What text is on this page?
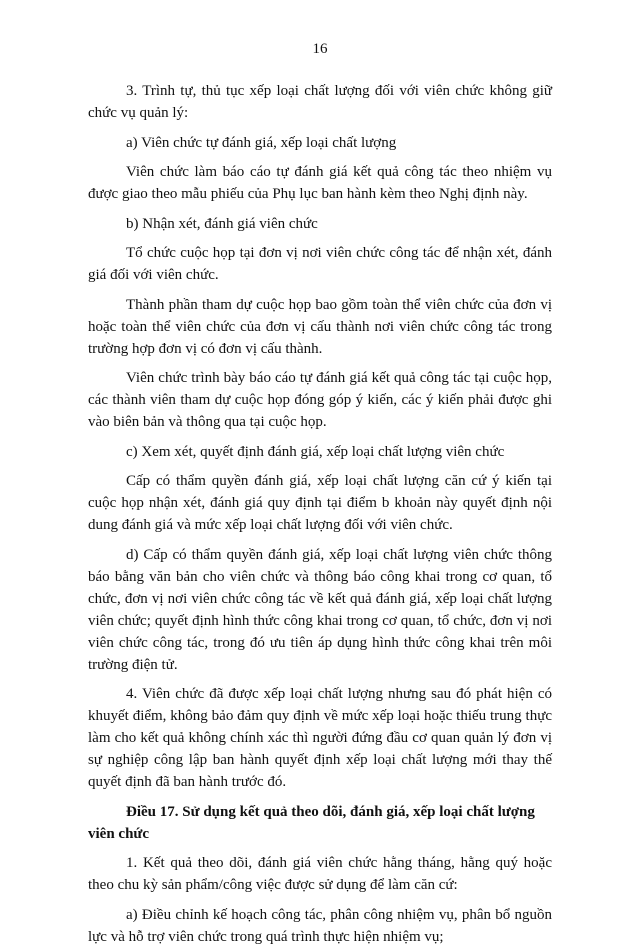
16

3. Trình tự, thủ tục xếp loại chất lượng đối với viên chức không giữ chức vụ quản lý:

a) Viên chức tự đánh giá, xếp loại chất lượng

Viên chức làm báo cáo tự đánh giá kết quả công tác theo nhiệm vụ được giao theo mẫu phiếu của Phụ lục ban hành kèm theo Nghị định này.

b) Nhận xét, đánh giá viên chức

Tổ chức cuộc họp tại đơn vị nơi viên chức công tác để nhận xét, đánh giá đối với viên chức.

Thành phần tham dự cuộc họp bao gồm toàn thể viên chức của đơn vị hoặc toàn thể viên chức của đơn vị cấu thành nơi viên chức công tác trong trường hợp đơn vị có đơn vị cấu thành.

Viên chức trình bày báo cáo tự đánh giá kết quả công tác tại cuộc họp, các thành viên tham dự cuộc họp đóng góp ý kiến, các ý kiến phải được ghi vào biên bản và thông qua tại cuộc họp.

c) Xem xét, quyết định đánh giá, xếp loại chất lượng viên chức

Cấp có thẩm quyền đánh giá, xếp loại chất lượng căn cứ ý kiến tại cuộc họp nhận xét, đánh giá quy định tại điểm b khoản này quyết định nội dung đánh giá và mức xếp loại chất lượng đối với viên chức.

d) Cấp có thẩm quyền đánh giá, xếp loại chất lượng viên chức thông báo bằng văn bản cho viên chức và thông báo công khai trong cơ quan, tổ chức, đơn vị nơi viên chức công tác về kết quả đánh giá, xếp loại chất lượng viên chức; quyết định hình thức công khai trong cơ quan, tổ chức, đơn vị nơi viên chức công tác, trong đó ưu tiên áp dụng hình thức công khai trên môi trường điện tử.

4. Viên chức đã được xếp loại chất lượng nhưng sau đó phát hiện có khuyết điểm, không bảo đảm quy định về mức xếp loại hoặc thiếu trung thực làm cho kết quả không chính xác thì người đứng đầu cơ quan quản lý đơn vị sự nghiệp công lập ban hành quyết định xếp loại chất lượng mới thay thế quyết định đã ban hành trước đó.

Điều 17. Sử dụng kết quả theo dõi, đánh giá, xếp loại chất lượng viên chức

1. Kết quả theo dõi, đánh giá viên chức hằng tháng, hằng quý hoặc theo chu kỳ sản phẩm/công việc được sử dụng để làm căn cứ:

a) Điều chỉnh kế hoạch công tác, phân công nhiệm vụ, phân bổ nguồn lực và hỗ trợ viên chức trong quá trình thực hiện nhiệm vụ;
